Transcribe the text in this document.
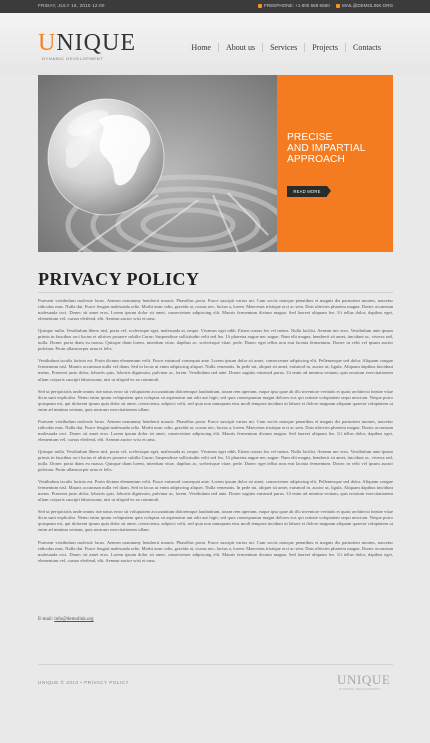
FRIDAY, JULY 16, 2010 12:00	FREEPHONE: +1 800 559 6580	MAIL@DEMOLINK.ORG
UNIQUE
DYNAMIC DEVELOPMENT
Home	About us	Services	Projects	Contacts
PRECISE
AND IMPARTIAL
APPROACH
READ MORE
PRIVACY POLICY

Praesent vestibulum molestie lacus. Aenean nonummy hendrerit mauris. Phasellus porta. Fusce suscipit varius mi. Cum sociis natoque penatibus et magnis dis parturient montes, nascetur ridiculus mus. Nulla dui. Fusce feugiat malesuada odio. Morbi nunc odio, gravida at, cursus nec, luctus a, lorem. Maecenas tristique orci ac sem. Duis ultricies pharetra magna. Donec accumsan malesuada orci. Donec sit amet eros. Lorem ipsum dolor sit amet, consectetuer adipiscing elit. Mauris fermentum dictum magna. Sed laoreet aliquam leo. Ut tellus dolor, dapibus eget, elementum vel, cursus eleifend, elit. Aenean auctor wisi et urna.

Quisque nulla. Vestibulum libero nisl, porta vel, scelerisque eget, malesuada at, neque. Vivamus eget nibh. Etiam cursus leo vel metus. Nulla facilisi. Aenean nec eros. Vestibulum ante ipsum primis in faucibus orci luctus et ultrices posuere cubilia Curae; Suspendisse sollicitudin velit sed leo. Ut pharetra augue nec augue. Nam elit magna, hendrerit sit amet, tincidunt ac, viverra sed, nulla. Donec porta diam eu massa. Quisque diam lorem, interdum vitae, dapibus ac, scelerisque vitae, pede. Donec eget tellus non erat lacinia fermentum. Donec in velit vel ipsum auctor pulvinar. Proin ullamcorper urna et felis.

Vestibulum iaculis lacinia est. Proin dictum elementum velit. Fusce euismod consequat ante. Lorem ipsum dolor sit amet, consectetuer adipiscing elit. Pellentesque sed dolor. Aliquam congue fermentum nisl. Mauris accumsan nulla vel diam. Sed in lacus ut enim adipiscing aliquet. Nulla venenatis. In pede mi, aliquet sit amet, euismod in, auctor ut, ligula. Aliquam dapibus tincidunt metus. Praesent justo dolor, lobortis quis, lobortis dignissim, pulvinar ac, lorem. Vestibulum sed ante. Donec sagittis euismod purus. Ut enim ad minima veniam, quis nostrum exercitationem ullam corporis suscipit laboriosam, nisi ut aliquid ex ea commodi.

Sed ut perspiciatis unde omnis iste natus error sit voluptatem accusantium doloremque laudantium, totam rem aperiam, eaque ipsa quae ab illo inventore veritatis et quasi architecto beatae vitae dicta sunt explicabo. Nemo enim ipsam voluptatem quia voluptas sit aspernatur aut odit aut fugit, sed quia consequuntur magni dolores eos qui ratione voluptatem sequi nesciunt. Neque porro quisquam est, qui dolorem ipsum quia dolor sit amet, consectetur, adipisci velit, sed quia non numquam eius modi tempora incidunt ut labore et dolore magnam aliquam quaerat voluptatem ut enim ad minima veniam, quis nostrum exercitationem ullam.

Praesent vestibulum molestie lacus. Aenean nonummy hendrerit mauris. Phasellus porta. Fusce suscipit varius mi. Cum sociis natoque penatibus et magnis dis parturient montes, nascetur ridiculus mus. Nulla dui. Fusce feugiat malesuada odio. Morbi nunc odio, gravida at, cursus nec, luctus a, lorem. Maecenas tristique orci ac sem. Duis ultricies pharetra magna. Donec accumsan malesuada orci. Donec sit amet eros. Lorem ipsum dolor sit amet, consectetuer adipiscing elit. Mauris fermentum dictum magna. Sed laoreet aliquam leo. Ut tellus dolor, dapibus eget, elementum vel, cursus eleifend, elit. Aenean auctor wisi et urna.

Quisque nulla. Vestibulum libero nisl, porta vel, scelerisque eget, malesuada at, neque. Vivamus eget nibh. Etiam cursus leo vel metus. Nulla facilisi. Aenean nec eros. Vestibulum ante ipsum primis in faucibus orci luctus et ultrices posuere cubilia Curae; Suspendisse sollicitudin velit sed leo. Ut pharetra augue nec augue. Nam elit magna, hendrerit sit amet, tincidunt ac, viverra sed, nulla. Donec porta diam eu massa. Quisque diam lorem, interdum vitae, dapibus ac, scelerisque vitae, pede. Donec eget tellus non erat lacinia fermentum. Donec in velit vel ipsum auctor pulvinar. Proin ullamcorper urna et felis.

Vestibulum iaculis lacinia est. Proin dictum elementum velit. Fusce euismod consequat ante. Lorem ipsum dolor sit amet, consectetuer adipiscing elit. Pellentesque sed dolor. Aliquam congue fermentum nisl. Mauris accumsan nulla vel diam. Sed in lacus ut enim adipiscing aliquet. Nulla venenatis. In pede mi, aliquet sit amet, euismod in, auctor ut, ligula. Aliquam dapibus tincidunt metus. Praesent justo dolor, lobortis quis, lobortis dignissim, pulvinar ac, lorem. Vestibulum sed ante. Donec sagittis euismod purus. Ut enim ad minima veniam, quis nostrum exercitationem ullam corporis suscipit laboriosam, nisi ut aliquid ex ea commodi.

Sed ut perspiciatis unde omnis iste natus error sit voluptatem accusantium doloremque laudantium, totam rem aperiam, eaque ipsa quae ab illo inventore veritatis et quasi architecto beatae vitae dicta sunt explicabo. Nemo enim ipsam voluptatem quia voluptas sit aspernatur aut odit aut fugit, sed quia consequuntur magni dolores eos qui ratione voluptatem sequi nesciunt. Neque porro quisquam est, qui dolorem ipsum quia dolor sit amet, consectetur, adipisci velit, sed quia non numquam eius modi tempora incidunt ut labore et dolore magnam aliquam quaerat voluptatem ut enim ad minima veniam, quis nostrum exercitationem ullam.

Praesent vestibulum molestie lacus. Aenean nonummy hendrerit mauris. Phasellus porta. Fusce suscipit varius mi. Cum sociis natoque penatibus et magnis dis parturient montes, nascetur ridiculus mus. Nulla dui. Fusce feugiat malesuada odio. Morbi nunc odio, gravida at, cursus nec, luctus a, lorem. Maecenas tristique orci ac sem. Duis ultricies pharetra magna. Donec accumsan malesuada orci. Donec sit amet eros. Lorem ipsum dolor sit amet, consectetuer adipiscing elit. Mauris fermentum dictum magna. Sed laoreet aliquam leo. Ut tellus dolor, dapibus eget, elementum vel, cursus eleifend, elit. Aenean auctor wisi et urna.

E-mail: info@demolink.org
UNIQUE © 2010 • PRIVACY POLICY	UNIQUE
DYNAMIC DEVELOPMENT
